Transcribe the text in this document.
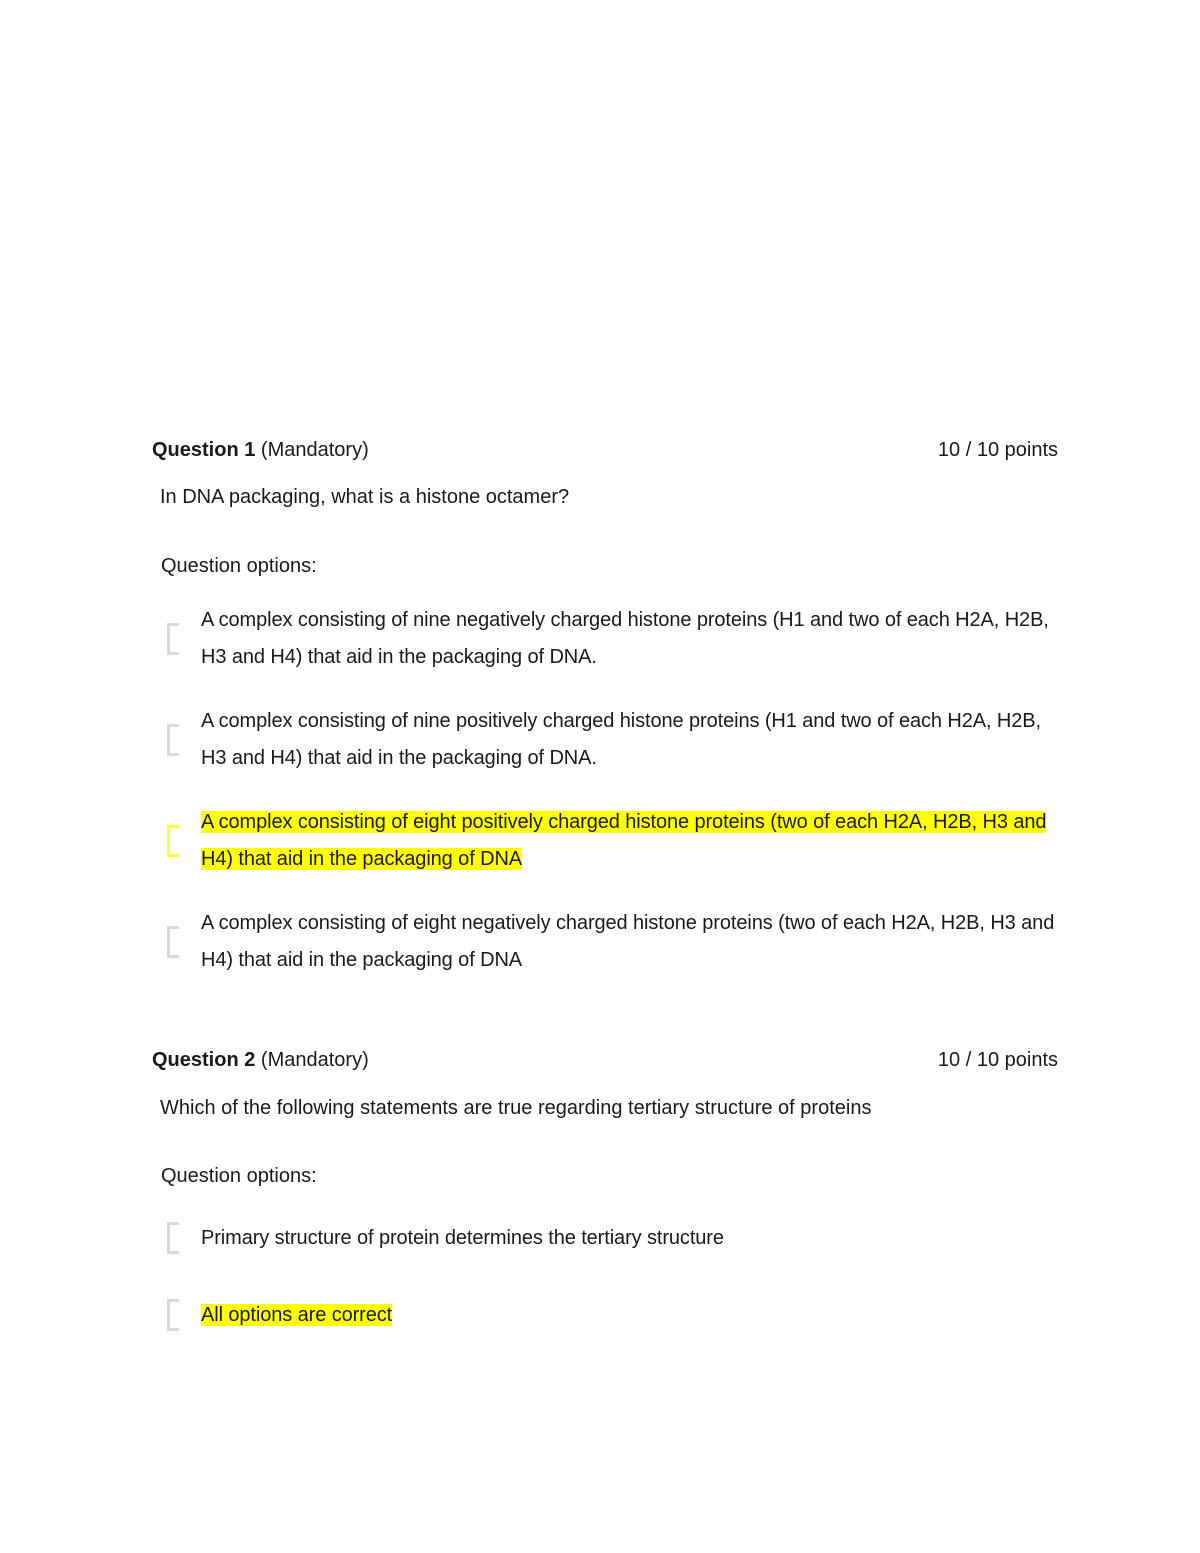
Question 1 (Mandatory)	10 / 10 points
In DNA packaging, what is a histone octamer?
Question options:
A complex consisting of nine negatively charged histone proteins (H1 and two of each H2A, H2B, H3 and H4) that aid in the packaging of DNA.
A complex consisting of nine positively charged histone proteins (H1 and two of each H2A, H2B, H3 and H4) that aid in the packaging of DNA.
A complex consisting of eight positively charged histone proteins (two of each H2A, H2B, H3 and H4) that aid in the packaging of DNA
A complex consisting of eight negatively charged histone proteins (two of each H2A, H2B, H3 and H4) that aid in the packaging of DNA
Question 2 (Mandatory)	10 / 10 points
Which of the following statements are true regarding tertiary structure of proteins
Question options:
Primary structure of protein determines the tertiary structure
All options are correct
